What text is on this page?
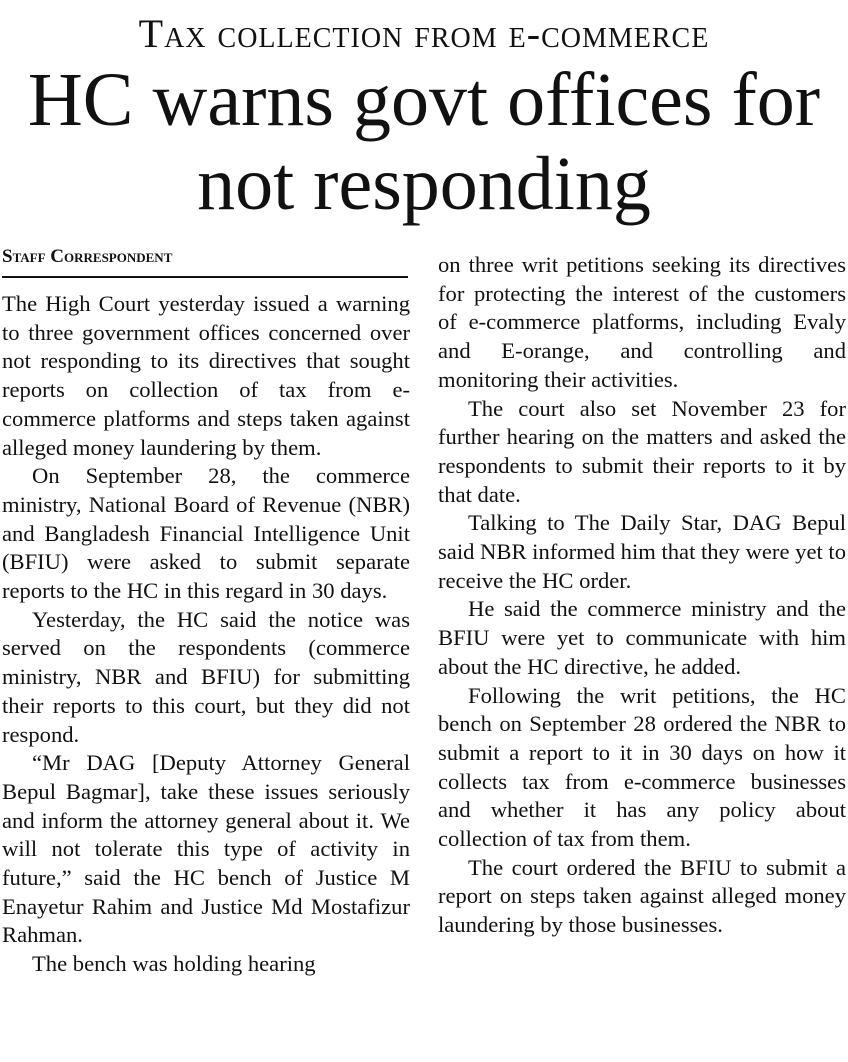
Tax collection from e-commerce
HC warns govt offices for not responding
Staff Correspondent

The High Court yesterday issued a warning to three government offices concerned over not responding to its directives that sought reports on collection of tax from e-commerce platforms and steps taken against alleged money laundering by them.

On September 28, the commerce ministry, National Board of Revenue (NBR) and Bangladesh Financial Intelligence Unit (BFIU) were asked to submit separate reports to the HC in this regard in 30 days.

Yesterday, the HC said the notice was served on the respondents (commerce ministry, NBR and BFIU) for submitting their reports to this court, but they did not respond.

“Mr DAG [Deputy Attorney General Bepul Bagmar], take these issues seriously and inform the attorney general about it. We will not tolerate this type of activity in future,” said the HC bench of Justice M Enayetur Rahim and Justice Md Mostafizur Rahman.

The bench was holding hearing

on three writ petitions seeking its directives for protecting the interest of the customers of e-commerce platforms, including Evaly and E-orange, and controlling and monitoring their activities.

The court also set November 23 for further hearing on the matters and asked the respondents to submit their reports to it by that date.

Talking to The Daily Star, DAG Bepul said NBR informed him that they were yet to receive the HC order.

He said the commerce ministry and the BFIU were yet to communicate with him about the HC directive, he added.

Following the writ petitions, the HC bench on September 28 ordered the NBR to submit a report to it in 30 days on how it collects tax from e-commerce businesses and whether it has any policy about collection of tax from them.

The court ordered the BFIU to submit a report on steps taken against alleged money laundering by those businesses.
